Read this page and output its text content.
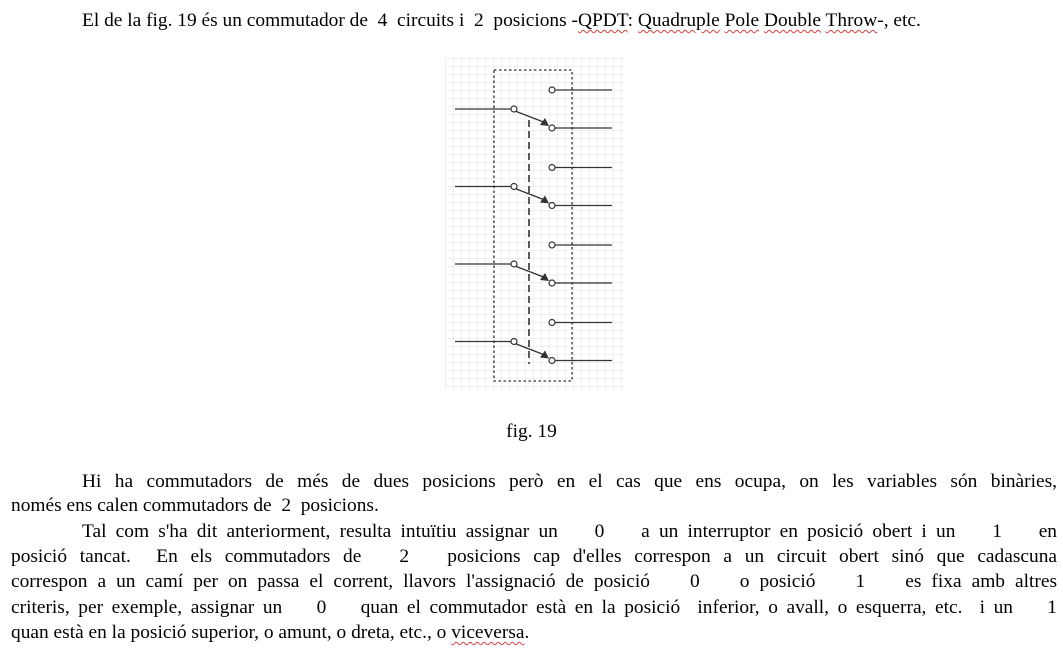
El de la fig. 19 és un commutador de  4  circuits i  2  posicions -QPDT: Quadruple Pole Double Throw-, etc.
fig. 19
Hi ha commutadors de més de dues posicions però en el cas que ens ocupa, on les variables són binàries,
només ens calen commutadors de  2  posicions.
Tal com s'ha dit anteriorment, resulta intuïtiu assignar un    0    a un interruptor en posició obert i un    1    en
posició tancat.  En els commutadors de   2   posicions cap d'elles correspon a un circuit obert sinó que cadascuna
correspon a un camí per on passa el corrent, llavors l'assignació de posició    0    o posició    1    es fixa amb altres
criteris, per exemple, assignar un    0    quan el commutador està en la posició  inferior, o avall, o esquerra, etc.  i un    1
quan està en la posició superior, o amunt, o dreta, etc., o viceversa.
